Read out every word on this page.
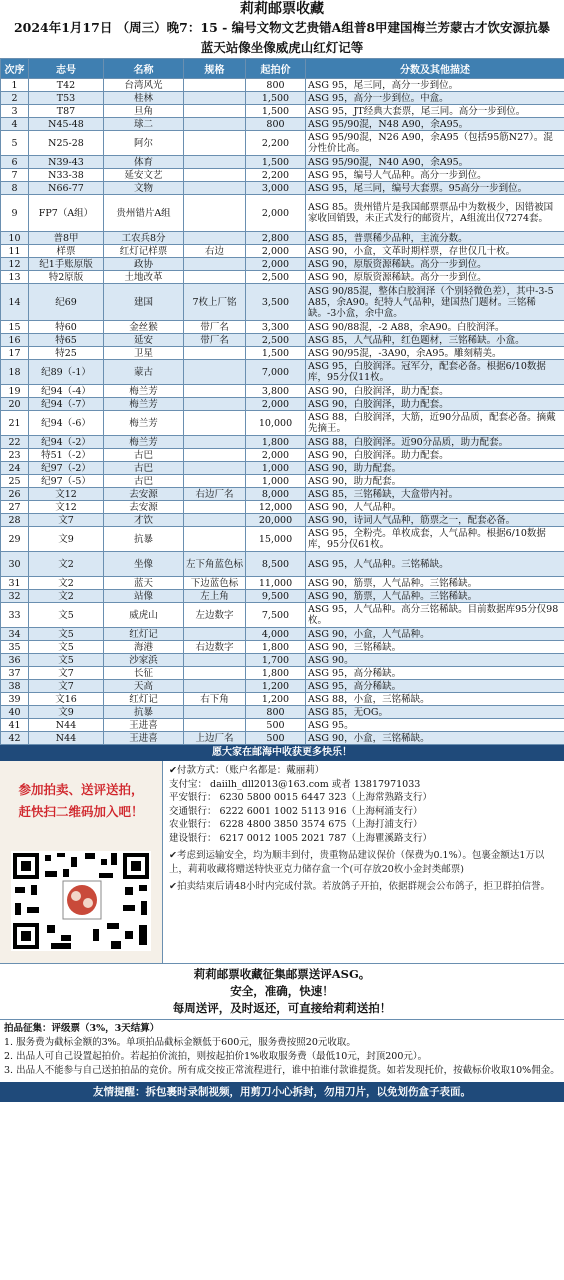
莉莉邮票收藏
2024年1月17日 （周三）晚7：15 - 编号文物文艺贵错A组普8甲建国梅兰芳蒙古才饮安源抗暴
蓝天站像坐像威虎山红灯记等
次序	志号	名称	规格	起拍价	分数及其他描述
1	T42	台湾风光		800	ASG 95，尾三同，高分一步到位。
2	T53	桂林		1,500	ASG 95，高分一步到位。中盒。
3	T87	旦角		1,500	ASG 95，JT经典大套票，尾三同。高分一步到位。
4	N45-48	球二		800	ASG 95/90混，N48 A90，余A95。
5	N25-28	阿尔		2,200	ASG 95/90混，N26 A90，余A95（包括95筋N27）。混分性价比高。
6	N39-43	体育		1,500	ASG 95/90混，N40 A90，余A95。
7	N33-38	延安文艺		2,200	ASG 95，编号人气品种。高分一步到位。
8	N66-77	文物		3,000	ASG 95，尾三同，编号大套票。95高分一步到位。
9	FP7（A组）	贵州错片A组		2,000	ASG 85。贵州错片是我国邮票票品中为数极少，因错被国家收回销毁，未正式发行的邮资片，A组流出仅7274套。
10	普8甲	工农兵8分		2,800	ASG 85，普票稀少品种，主流分数。
11	样票	红灯记样票	右边	2,000	ASG 90，小盒，文革时期样票，存世仅几十枚。
12	纪1手账原版	政协		2,000	ASG 90，原版资源稀缺。高分一步到位。
13	特2原版	土地改革		2,500	ASG 90，原版资源稀缺。高分一步到位。
14	纪69	建国	7枚上厂铭	3,500	ASG 90/85混，整体白胶润泽（个别轻微色差），其中-3-5 A85，余A90。纪特人气品种，建国热门题材。三铭稀缺。-3小盒，余中盒。
15	特60	金丝猴	带厂名	3,300	ASG 90/88混，-2 A88，余A90。白胶润泽。
16	特65	延安	带厂名	2,500	ASG 85，人气品种，红色题材，三铭稀缺。小盒。
17	特25	卫星		1,500	ASG 90/95混，-3A90，余A95。雕刻精美。
18	纪89（-1）	蒙古		7,000	ASG 95，白胶润泽。冠军分，配套必备。根据6/10数据库，95分仅11枚。
19	纪94（-4）	梅兰芳		3,800	ASG 90，白胶润泽，助力配套。
20	纪94（-7）	梅兰芳		2,000	ASG 90，白胶润泽，助力配套。
21	纪94（-6）	梅兰芳		10,000	ASG 88，白胶润泽，大筋，近90分品质，配套必备。摘戴先摘王。
22	纪94（-2）	梅兰芳		1,800	ASG 88，白胶润泽。近90分品质，助力配套。
23	特51（-2）	古巴		2,000	ASG 90，白胶润泽。助力配套。
24	纪97（-2）	古巴		1,000	ASG 90，助力配套。
25	纪97（-5）	古巴		1,000	ASG 90，助力配套。
26	文12	去安源	右边厂名	8,000	ASG 85，三铭稀缺，大盒带内衬。
27	文12	去安源		12,000	ASG 90，人气品种。
28	文7	才饮		20,000	ASG 90，诗词人气品种，筋票之一，配套必备。
29	文9	抗暴		15,000	ASG 95，全粉壳。单枚成套，人气品种。根据6/10数据库，95分仅61枚。
30	文2	坐像	左下角蓝色标	8,500	ASG 95，人气品种。三铭稀缺。
31	文2	蓝天	下边蓝色标	11,000	ASG 90，筋票，人气品种。三铭稀缺。
32	文2	站像	左上角	9,500	ASG 90，筋票，人气品种。三铭稀缺。
33	文5	威虎山	左边数字	7,500	ASG 95，人气品种。高分三铭稀缺。目前数据库95分仅98枚。
34	文5	红灯记		4,000	ASG 90，小盒，人气品种。
35	文5	海港	右边数字	1,800	ASG 90，三铭稀缺。
36	文5	沙家浜		1,700	ASG 90。
37	文7	长征		1,800	ASG 95，高分稀缺。
38	文7	天高		1,200	ASG 95，高分稀缺。
39	文16	红灯记	右下角	1,200	ASG 88，小盒，三铭稀缺。
40	文9	抗暴		800	ASG 85，无OG。
41	N44	王进喜		500	ASG 95。
42	N44	王进喜	上边厂名	500	ASG 90，小盒，三铭稀缺。
愿大家在邮海中收获更多快乐！
参加拍卖、送评送拍，
赶快扫二维码加入吧！
✔付款方式：（账户名都是：戴丽莉）
支付宝： daiilh_dll2013@163.com 或者 13817971033
平安银行： 6230 5800 0015 6447 323（上海常熟路支行）
交通银行： 6222 6001 1002 5113 916（上海柯涌支行）
农业银行： 6228 4800 3850 3574 675（上海打浦支行）
建设银行： 6217 0012 1005 2021 787（上海瞿溪路支行）
✔考虑到运输安全，均为顺丰到付，贵重物品建议保价（保费为0.1%）。包裹金额达1万以上，莉莉收藏将赠送特快亚克力储存盒一个(可存放20枚小金封类邮票)
✔拍卖结束后请48小时内完成付款。若放鸽子开拍，依据群规会公布鸽子，拒卫群拍信誉。
莉莉邮票收藏征集邮票送评ASG。
安全，准确，快速！
每周送评，及时返还，可直接给莉莉送拍！
拍品征集：评级票（3%，3天结算）
1. 服务费为截标金额的3%。单项拍品截标金额低于600元，服务费按照20元收取。
2. 出品人可自己设置起拍价。若起拍价流拍，则按起拍价1%收取服务费（最低10元，封顶200元）。
3. 出品人不能参与自己送拍拍品的竞价。所有成交按正常流程进行，谁中拍谁付款谁提货。如若发现托价，按截标价收取10%佣金。
友情提醒：拆包裹时录制视频，用剪刀小心拆封，勿用刀片，以免划伤盒子表面。
